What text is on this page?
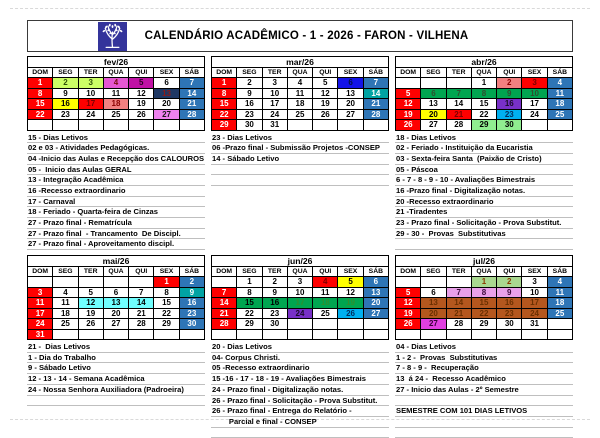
CALENDÁRIO ACADÊMICO - 1 - 2026 - FARON - VILHENA
fev/26						
DOM	SEG	TER	QUA	QUI	SEX	SÁB
1	2	3	4	5	6	7
8	9	10	11	12	13	14
15	16	17	18	19	20	21
22	23	24	25	26	27	28

15 - Dias Letivos
02 e 03 - Atividades Pedagógicas.
04 -Inicio das Aulas e Recepção dos CALOUROS
05 -  Inicio das Aulas GERAL
13 - Integração Acadêmica
16 -Recesso extraordinario
17 - Carnaval
18 - Feriado - Quarta-feira de Cinzas
27 - Prazo final - Rematrícula
27 - Prazo final  - Trancamento  De Discipl.
27 - Prazo final - Aproveitamento discipl.
mar/26						
DOM	SEG	TER	QUA	QUI	SEX	SÁB
1	2	3	4	5	6	7
8	9	10	11	12	13	14
15	16	17	18	19	20	21
22	23	24	25	26	27	28
29	30	31				
23 - Dias Letivos
06 -Prazo final - Submissão Projetos -CONSEP
14 - Sábado Letivo
abr/26						
DOM	SEG	TER	QUA	QUI	SEX	SÁB
			1	2	3	4
5	6	7	8	9	10	11
12	13	14	15	16	17	18
19	20	21	22	23	24	25
26	27	28	29	30		
18 - Dias Letivos
02 - Feriado - Instituição da Eucaristia
03 - Sexta-feira Santa  (Paixão de Cristo)
05 - Páscoa
6 - 7 - 8 - 9 - 10 - Avaliações Bimestrais
16 -Prazo final - Digitalização notas.
20 -Recesso extraordinario
21 -Tiradentes
23 - Prazo final - Solicitação - Prova Substitut.
29 - 30 -  Provas  Substitutivas
mai/26						
DOM	SEG	TER	QUA	QUI	SEX	SÁB
					1	2
3	4	5	6	7	8	9
11	11	12	13	14	15	16
17	18	19	20	21	22	23
24	25	26	27	28	29	30
31						
21 -  Dias Letivos
1 - Dia do Trabalho
9 - Sábado Letivo
12 - 13 - 14 - Semana Acadêmica
24 - Nossa Senhora Auxiliadora (Padroeira)
jun/26						
DOM	SEG	TER	QUA	QUI	SEX	SÁB
	1	2	3	4	5	6
7	8	9	10	11	12	13
14	15	16	17	18	19	20
21	22	23	24	25	26	27
28	29	30				

20 - Dias Letivos
04- Corpus Christi.
05 -Recesso extraordinario
15 -16 - 17 - 18 - 19 - Avaliações Bimestrais
24 - Prazo final - Digitalização notas.
26 - Prazo final - Solicitação - Prova Substitut.
26 - Prazo final - Entrega do Relatório -
Parcial e final - CONSEP
jul/26						
DOM	SEG	TER	QUA	QUI	SEX	SÁB
			1	2	3	4
5	6	7	8	9	10	11
12	13	14	15	16	17	18
19	20	21	22	23	24	25
26	27	28	29	30	31	

04 - Dias Letivos
1 - 2 -  Provas  Substitutivas
7 - 8 - 9 -  Recuperação
13  á 24 -  Recesso Acadêmico
27 - Inicio das Aulas - 2º Semestre
SEMESTRE COM 101 DIAS LETIVOS
